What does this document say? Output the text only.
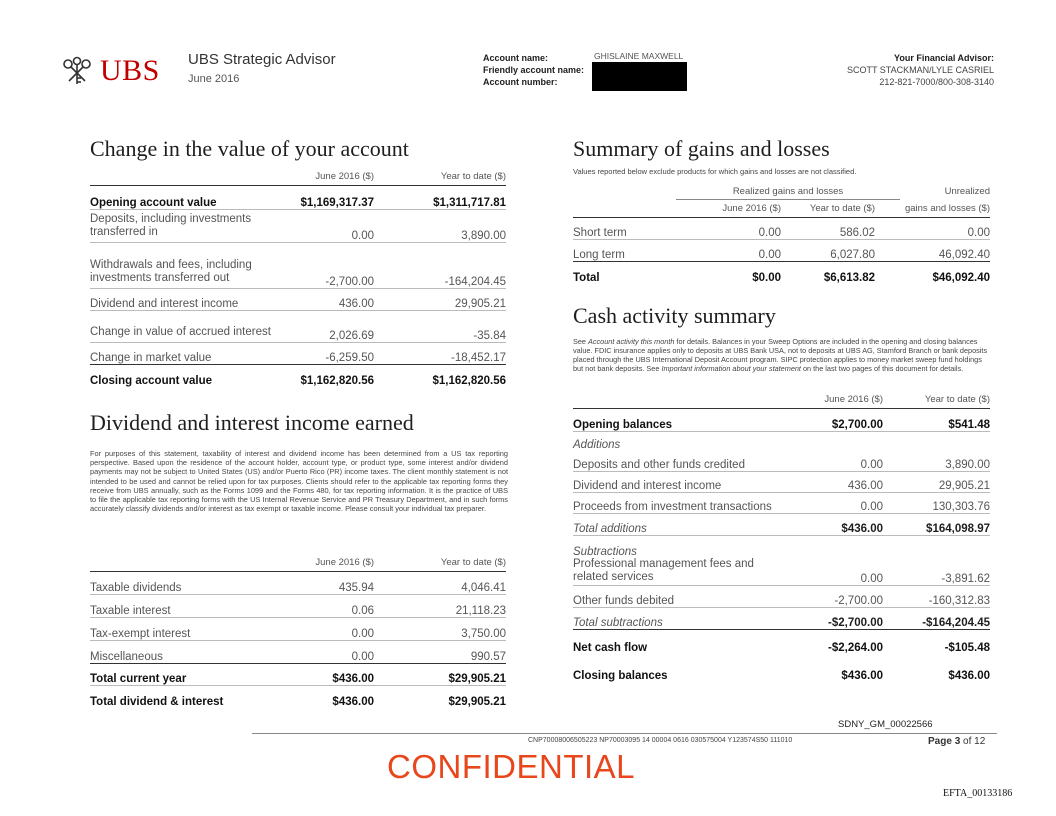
UBS UBS Strategic Advisor
June 2016
Account name:
Friendly account name:
Account number:
GHISLAINE MAXWELL	Your Financial Advisor:
SCOTT STACKMAN/LYLE CASRIEL
212-821-7000/800-308-3140
Change in the value of your account
	June 2016 ($)	Year to date ($)
Opening account value	$1,169,317.37	$1,311,717.81
Deposits, including investments transferred in	0.00	3,890.00
Withdrawals and fees, including investments transferred out	-2,700.00	-164,204.45
Dividend and interest income	436.00	29,905.21
Change in value of accrued interest	2,026.69	-35.84
Change in market value	-6,259.50	-18,452.17
Closing account value	$1,162,820.56	$1,162,820.56
Dividend and interest income earned
For purposes of this statement, taxability of interest and dividend income has been determined from a US tax reporting perspective. Based upon the residence of the account holder, account type, or product type, some interest and/or dividend payments may not be subject to United States (US) and/or Puerto Rico (PR) income taxes. The client monthly statement is not intended to be used and cannot be relied upon for tax purposes. Clients should refer to the applicable tax reporting forms they receive from UBS annually, such as the Forms 1099 and the Forms 480, for tax reporting information. It is the practice of UBS to file the applicable tax reporting forms with the US Internal Revenue Service and PR Treasury Department, and in such forms accurately classify dividends and/or interest as tax exempt or taxable income. Please consult your individual tax preparer.
	June 2016 ($)	Year to date ($)
Taxable dividends	435.94	4,046.41
Taxable interest	0.06	21,118.23
Tax-exempt interest	0.00	3,750.00
Miscellaneous	0.00	990.57
Total current year	$436.00	$29,905.21
Total dividend & interest	$436.00	$29,905.21
Summary of gains and losses
Values reported below exclude products for which gains and losses are not classified.
Realized gains and losses	Unrealized
	June 2016 ($)	Year to date ($)	gains and losses ($)
Short term	0.00	586.02	0.00
Long term	0.00	6,027.80	46,092.40
Total	$0.00	$6,613.82	$46,092.40
Cash activity summary
See Account activity this month for details. Balances in your Sweep Options are included in the opening and closing balances value. FDIC insurance applies only to deposits at UBS Bank USA, not to deposits at UBS AG, Stamford Branch or bank deposits placed through the UBS International Deposit Account program. SIPC protection applies to money market sweep fund holdings but not bank deposits. See Important information about your statement on the last two pages of this document for details.
	June 2016 ($)	Year to date ($)
Opening balances	$2,700.00	$541.48
Additions		
Deposits and other funds credited	0.00	3,890.00
Dividend and interest income	436.00	29,905.21
Proceeds from investment transactions	0.00	130,303.76
Total additions	$436.00	$164,098.97
Subtractions		
Professional management fees and related services	0.00	-3,891.62
Other funds debited	-2,700.00	-160,312.83
Total subtractions	-$2,700.00	-$164,204.45
Net cash flow	-$2,264.00	-$105.48
Closing balances	$436.00	$436.00
SDNY_GM_00022566
CNP70008006505223 NP70003095 14 00004 0616 030575004 Y123574S50 111010	Page 3 of 12
CONFIDENTIAL
EFTA_00133186
